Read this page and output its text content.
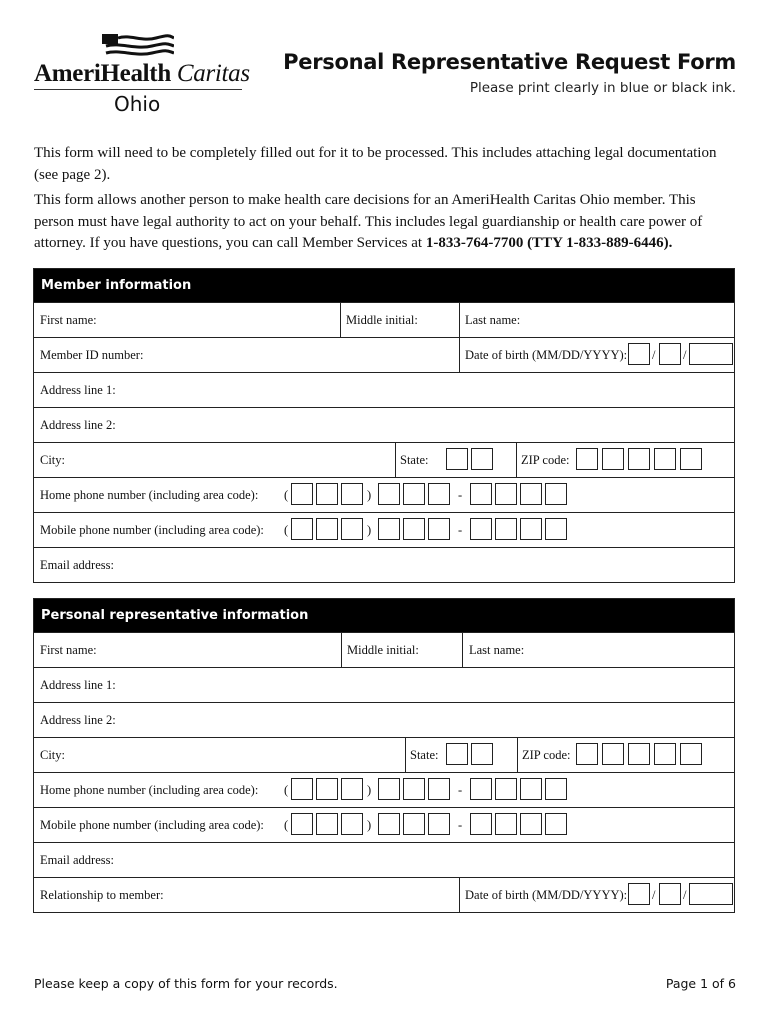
AmeriHealth Caritas
Ohio
Personal Representative Request Form
Please print clearly in blue or black ink.
This form will need to be completely filled out for it to be processed. This includes attaching legal documentation (see page 2).
This form allows another person to make health care decisions for an AmeriHealth Caritas Ohio member. This person must have legal authority to act on your behalf. This includes legal guardianship or health care power of attorney. If you have questions, you can call Member Services at 1-833-764-7700 (TTY 1-833-889-6446).
Member information
First name:	Middle initial:	Last name:
Member ID number:	Date of birth (MM/DD/YYYY): / /
Address line 1:
Address line 2:
City:	State:	ZIP code:
Home phone number (including area code): (	)	-
Mobile phone number (including area code): (	)	-
Email address:
Personal representative information
First name:	Middle initial:	Last name:
Address line 1:
Address line 2:
City:	State:	ZIP code:
Home phone number (including area code): (	)	-
Mobile phone number (including area code): (	)	-
Email address:
Relationship to member:	Date of birth (MM/DD/YYYY): / /
Please keep a copy of this form for your records.	Page 1 of 6
